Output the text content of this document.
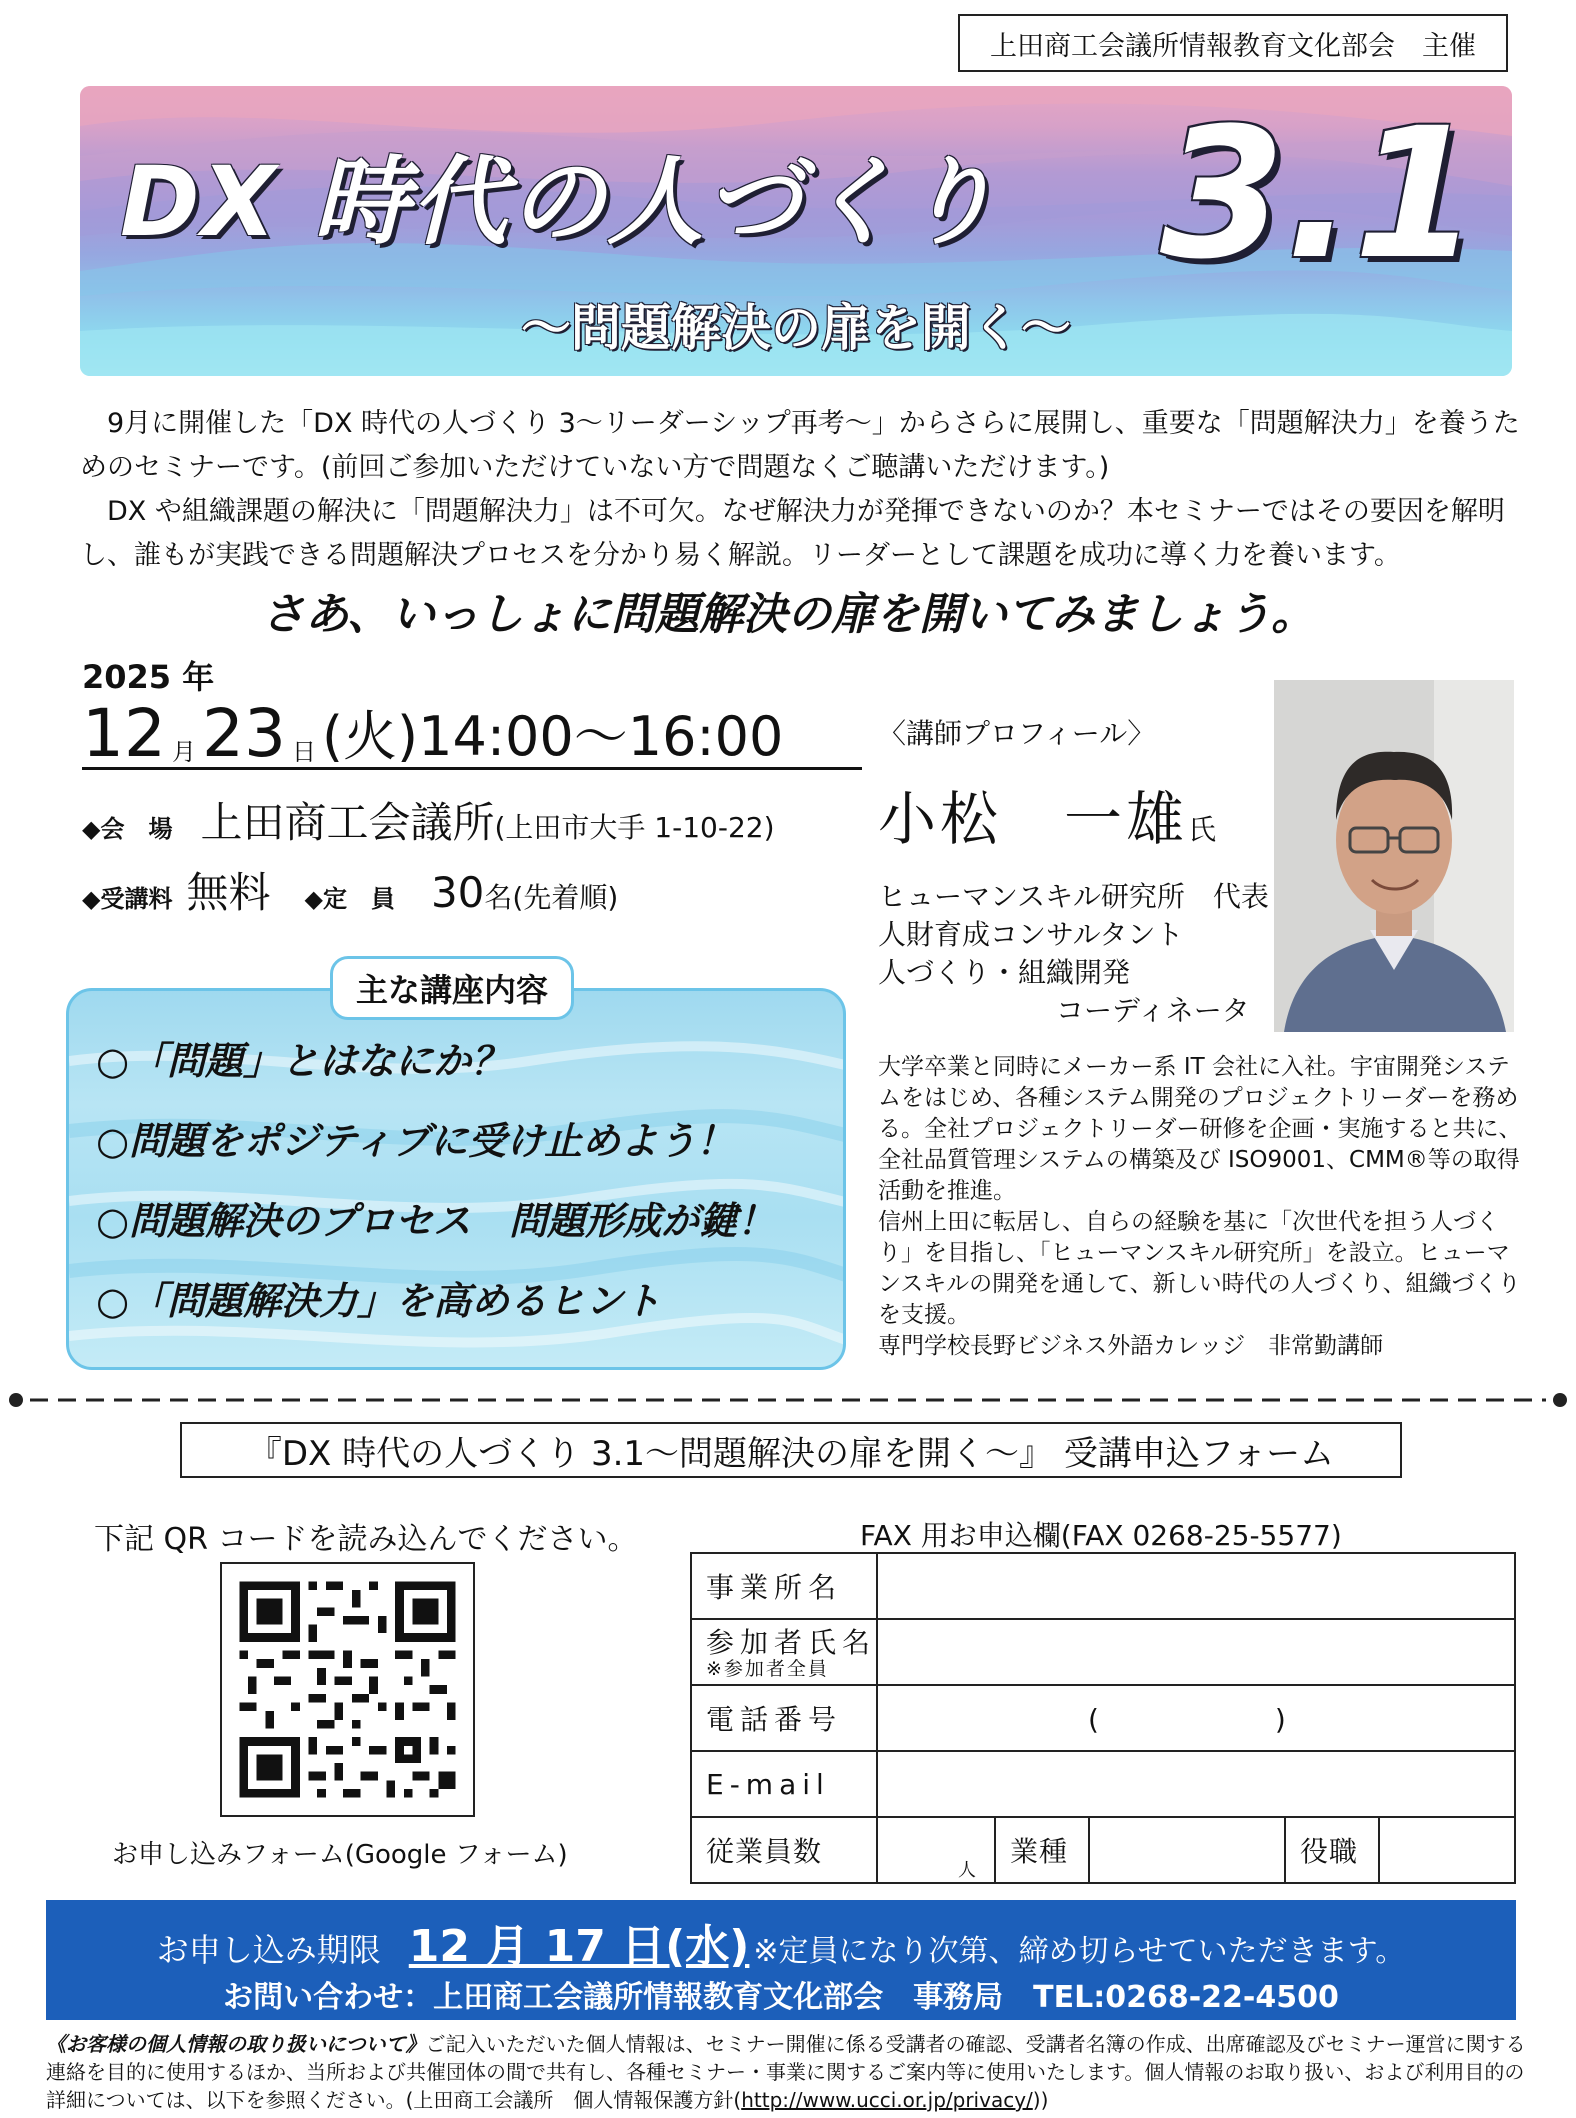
上田商工会議所情報教育文化部会　主催
DX 時代の人づくり 3.1
～問題解決の扉を開く～

　9月に開催した「DX 時代の人づくり 3～リーダーシップ再考～」からさらに展開し、重要な「問題解決力」を養うためのセミナーです。(前回ご参加いただけていない方で問題なくご聴講いただけます。)

　DX や組織課題の解決に「問題解決力」は不可欠。なぜ解決力が発揮できないのか？本セミナーではその要因を解明し、誰もが実践できる問題解決プロセスを分かり易く解説。リーダーとして課題を成功に導く力を養います。

さあ、いっしょに問題解決の扉を開いてみましょう。
2025 年
12 月 23 日 (火)14:00～16:00
◆会　場 上田商工会議所 (上田市大手 1-10-22)
◆受講料 無料 ◆定　員 30 名(先着順)
主な講座内容
○「問題」とはなにか？
○問題をポジティブに受け止めよう！
○問題解決のプロセス　問題形成が鍵！
○「問題解決力」を高めるヒント
〈講師プロフィール〉
小松　一雄氏
ヒューマンスキル研究所　代表
人財育成コンサルタント
人づくり・組織開発
コーディネータ

大学卒業と同時にメーカー系 IT 会社に入社。宇宙開発システムをはじめ、各種システム開発のプロジェクトリーダーを務める。全社プロジェクトリーダー研修を企画・実施すると共に、全社品質管理システムの構築及び ISO9001、CMM®等の取得活動を推進。

信州上田に転居し、自らの経験を基に「次世代を担う人づくり」を目指し、「ヒューマンスキル研究所」を設立。ヒューマンスキルの開発を通して、新しい時代の人づくり、組織づくりを支援。

専門学校長野ビジネス外語カレッジ　非常勤講師

『DX 時代の人づくり 3.1～問題解決の扉を開く～』 受講申込フォーム
下記 QR コードを読み込んでください。
お申し込みフォーム(Google フォーム)
FAX 用お申込欄(FAX 0268-25-5577)
事業所名					
参加者氏名
※参加者全員					

電話番号	(　　　　　)				
E-mail					
従業員数	人	業種		役職	
お申し込み期限 12 月 17 日(水) ※定員になり次第、締め切らせていただきます。
お問い合わせ：上田商工会議所情報教育文化部会　事務局　TEL:0268-22-4500
《お客様の個人情報の取り扱いについて》ご記入いただいた個人情報は、セミナー開催に係る受講者の確認、受講者名簿の作成、出席確認及びセミナー運営に関する連絡を目的に使用するほか、当所および共催団体の間で共有し、各種セミナー・事業に関するご案内等に使用いたします。個人情報のお取り扱い、および利用目的の詳細については、以下を参照ください。(上田商工会議所　個人情報保護方針(http://www.ucci.or.jp/privacy/))
